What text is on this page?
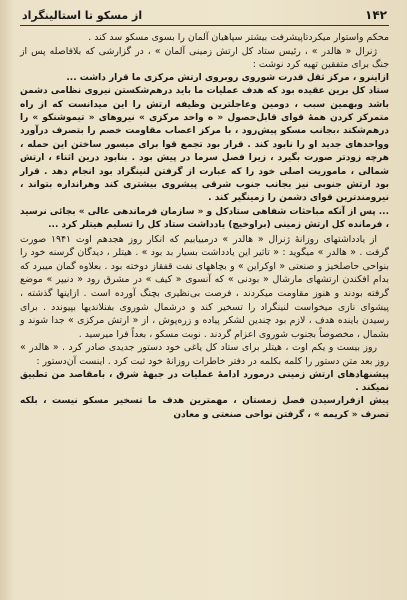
۱۴۲
از مسکو تا استالینگراد

محکم واستوار میکردتاپیشرفت بیشتر سپاهیان آلمان را بسوی مسکو سد کند .

ژنرال « هالدر » ، رئیس ستاد کل ارتش زمینی آلمان » ، در گزارشی که بلافاصله پس از جنگ برای متفقین تهیه کرد نوشت :

ازاینرو ، مرکز ثقل قدرت شوروی روبروی ارتش مرکزی ما قرار داشت ...

ستاد کل برین عقیده بود که هدف عملیات ما باید درهم‌شکستن نیروی نظامی دشمن باشد وبهمین سبب ، دومین وعاجلترین وظیفه ارتش را این میدانست که از راه متمرکز کردن همهٔ قوای قابل‌حصول « ه واحد مرکزی » نیروهای « تیموشنکو » را درهم‌شکند ،بجانب مسکو پیش‌رود ، با مرکز اعصاب مقاومت خصم را بتصرف درآورد وواحدهای جدید او را نابود کند . قرار بود تجمع قوا برای میسور ساختن این حمله ، هرچه زودتر صورت بگیرد ، زیرا فصل سرما در پیش بود . بنابود درین اثناء ، ارتش شمالی ، ماموریت اصلی خود را که عبارت از گرفتن لنینگراد بود انجام دهد . قرار بود ارتش جنوبی نیز بجانب جنوب شرقی پیشروی بیشتری کند وهرانداره بتواند ، نیرومندترین قوای دشمن را زمینگیر کند .

... پس از آنکه مباحثات شفاهی ستادکل و « سازمان فرماندهی عالی » بجائی نرسید ، فرمانده کل ارتش زمینی (براوخیچ) یادداشت ستاد کل را تسلیم هیتلر کرد ...

از یادداشتهای روزانهٔ ژنرال « هالدر » درمییابیم که انکار روز هجدهم اوت ۱۹۴۱ صورت گرفت . « هالدر » میگوید : « تاثیر این یادداشت بسیار بد بود » . هیتلر ، دیدگان گرسنه خود را بنواحی حاصلخیز و صنعتی « اوکراین » و بچاههای نفت قفقاز دوخته بود . بعلاوه گمان میبرد که بدام افکندن ارتشهای مارشال « بودنی » که آنسوی « کیف » در مشرق رود « دنیپر » موضع گرفته بودند و هنوز مقاومت میکردند ، فرصت بی‌نظیری بچنگ آورده است . ازاینها گذشته ، پیشوای نازی میخواست لنینگراد را تسخیر کند و درشمال شوروی بفنلاندیها بپیوندد . برای رسیدن باینده هدف ، لازم بود چندین لشکر پیاده و زره‌پوش ، از « ارتش مرکزی » جدا شوند و بشمال ، مخصوصاً بجنوب شوروی اعزام گردند . نوبت مسکو ، بعداً فرا میرسید .

روز بیست و یکم اوت ، هیتلر برای ستاد کل یاغی خود دستور جدیدی صادر کرد . « هالدر » روز بعد متن دستور را کلمه بکلمه در دفتر خاطرات روزانهٔ خود ثبت کرد . اینست آن‌دستور :

پیشنهادهای ارتش زمینی درمورد ادامهٔ عملیات در جبههٔ شرق ، بامقاصد من تطبیق نمیکند .

پیش ازفرارسیدن فصل زمستان ، مهمترین هدف ما تسخیر مسکو نیست ، بلکه تصرف « کریمه » ، گرفتن نواحی صنعتی و معادن
